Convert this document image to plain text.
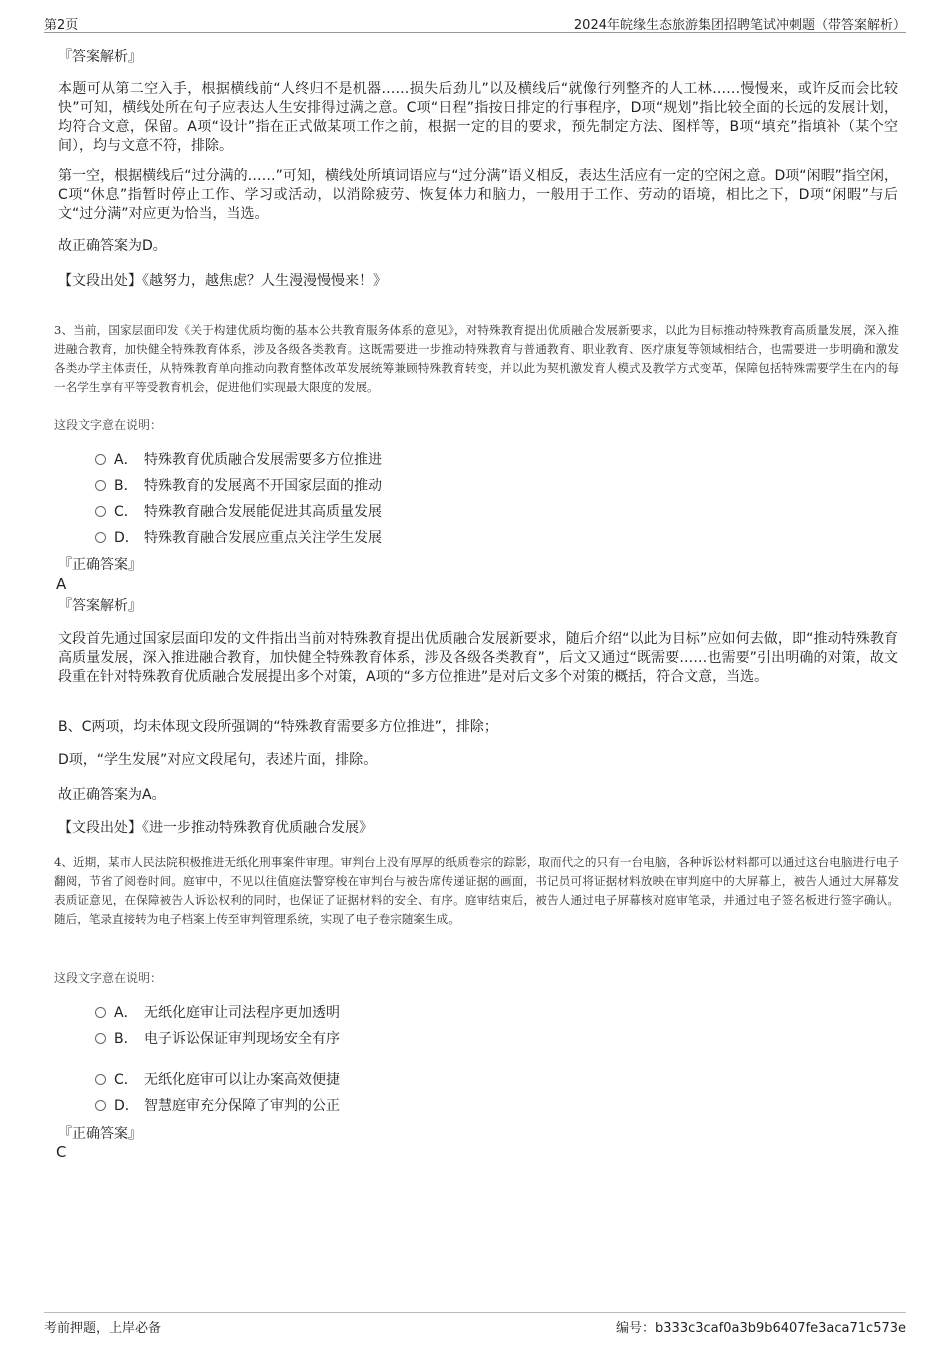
第2页	2024年皖缘生态旅游集团招聘笔试冲刺题（带答案解析）
『答案解析』
本题可从第二空入手，根据横线前“人终归不是机器……损失后劲儿”以及横线后“就像行列整齐的人工林……慢慢来，或许反而会比较快”可知，横线处所在句子应表达人生安排得过满之意。C项“日程”指按日排定的行事程序，D项“规划”指比较全面的长远的发展计划，均符合文意，保留。A项“设计”指在正式做某项工作之前，根据一定的目的要求，预先制定方法、图样等，B项“填充”指填补（某个空间），均与文意不符，排除。
第一空，根据横线后“过分满的……”可知，横线处所填词语应与“过分满”语义相反，表达生活应有一定的空闲之意。D项“闲暇”指空闲，C项“休息”指暂时停止工作、学习或活动，以消除疲劳、恢复体力和脑力，一般用于工作、劳动的语境，相比之下，D项“闲暇”与后文“过分满”对应更为恰当，当选。
故正确答案为D。
【文段出处】《越努力，越焦虑？人生漫漫慢慢来！》
3、当前，国家层面印发《关于构建优质均衡的基本公共教育服务体系的意见》，对特殊教育提出优质融合发展新要求，以此为目标推动特殊教育高质量发展，深入推进融合教育，加快健全特殊教育体系，涉及各级各类教育。这既需要进一步推动特殊教育与普通教育、职业教育、医疗康复等领域相结合，也需要进一步明确和激发各类办学主体责任，从特殊教育单向推动向教育整体改革发展统筹兼顾特殊教育转变，并以此为契机激发育人模式及教学方式变革，保障包括特殊需要学生在内的每一名学生享有平等受教育机会，促进他们实现最大限度的发展。
这段文字意在说明：
A． 特殊教育优质融合发展需要多方位推进
B． 特殊教育的发展离不开国家层面的推动
C． 特殊教育融合发展能促进其高质量发展
D． 特殊教育融合发展应重点关注学生发展
『正确答案』
A
『答案解析』
文段首先通过国家层面印发的文件指出当前对特殊教育提出优质融合发展新要求，随后介绍“以此为目标”应如何去做，即“推动特殊教育高质量发展，深入推进融合教育，加快健全特殊教育体系，涉及各级各类教育”，后文又通过“既需要……也需要”引出明确的对策，故文段重在针对特殊教育优质融合发展提出多个对策，A项的“多方位推进”是对后文多个对策的概括，符合文意，当选。
B、C两项，均未体现文段所强调的“特殊教育需要多方位推进”，排除；
D项，“学生发展”对应文段尾句，表述片面，排除。
故正确答案为A。
【文段出处】《进一步推动特殊教育优质融合发展》
4、近期，某市人民法院积极推进无纸化刑事案件审理。审判台上没有厚厚的纸质卷宗的踪影，取而代之的只有一台电脑，各种诉讼材料都可以通过这台电脑进行电子翻阅，节省了阅卷时间。庭审中，不见以往值庭法警穿梭在审判台与被告席传递证据的画面，书记员可将证据材料放映在审判庭中的大屏幕上，被告人通过大屏幕发表质证意见，在保障被告人诉讼权利的同时，也保证了证据材料的安全、有序。庭审结束后，被告人通过电子屏幕核对庭审笔录，并通过电子签名板进行签字确认。随后，笔录直接转为电子档案上传至审判管理系统，实现了电子卷宗随案生成。
这段文字意在说明：
A． 无纸化庭审让司法程序更加透明
B． 电子诉讼保证审判现场安全有序
C． 无纸化庭审可以让办案高效便捷
D． 智慧庭审充分保障了审判的公正
『正确答案』
C
考前押题，上岸必备	编号：b333c3caf0a3b9b6407fe3aca71c573e
